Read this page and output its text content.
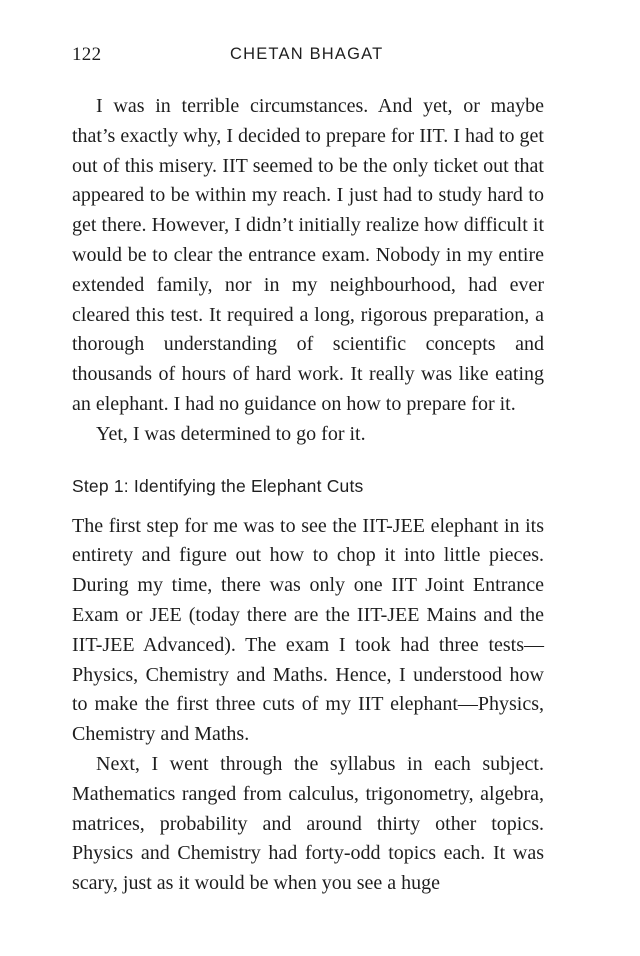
122	CHETAN BHAGAT

I was in terrible circumstances. And yet, or maybe that’s exactly why, I decided to prepare for IIT. I had to get out of this misery. IIT seemed to be the only ticket out that appeared to be within my reach. I just had to study hard to get there. However, I didn’t initially realize how difficult it would be to clear the entrance exam. Nobody in my entire extended family, nor in my neighbourhood, had ever cleared this test. It required a long, rigorous preparation, a thorough understanding of scientific concepts and thousands of hours of hard work. It really was like eating an elephant. I had no guidance on how to prepare for it.

Yet, I was determined to go for it.

Step 1: Identifying the Elephant Cuts

The first step for me was to see the IIT-JEE elephant in its entirety and figure out how to chop it into little pieces. During my time, there was only one IIT Joint Entrance Exam or JEE (today there are the IIT-JEE Mains and the IIT-JEE Advanced). The exam I took had three tests—Physics, Chemistry and Maths. Hence, I understood how to make the first three cuts of my IIT elephant—Physics, Chemistry and Maths.

Next, I went through the syllabus in each subject. Mathematics ranged from calculus, trigonometry, algebra, matrices, probability and around thirty other topics. Physics and Chemistry had forty-odd topics each. It was scary, just as it would be when you see a huge
